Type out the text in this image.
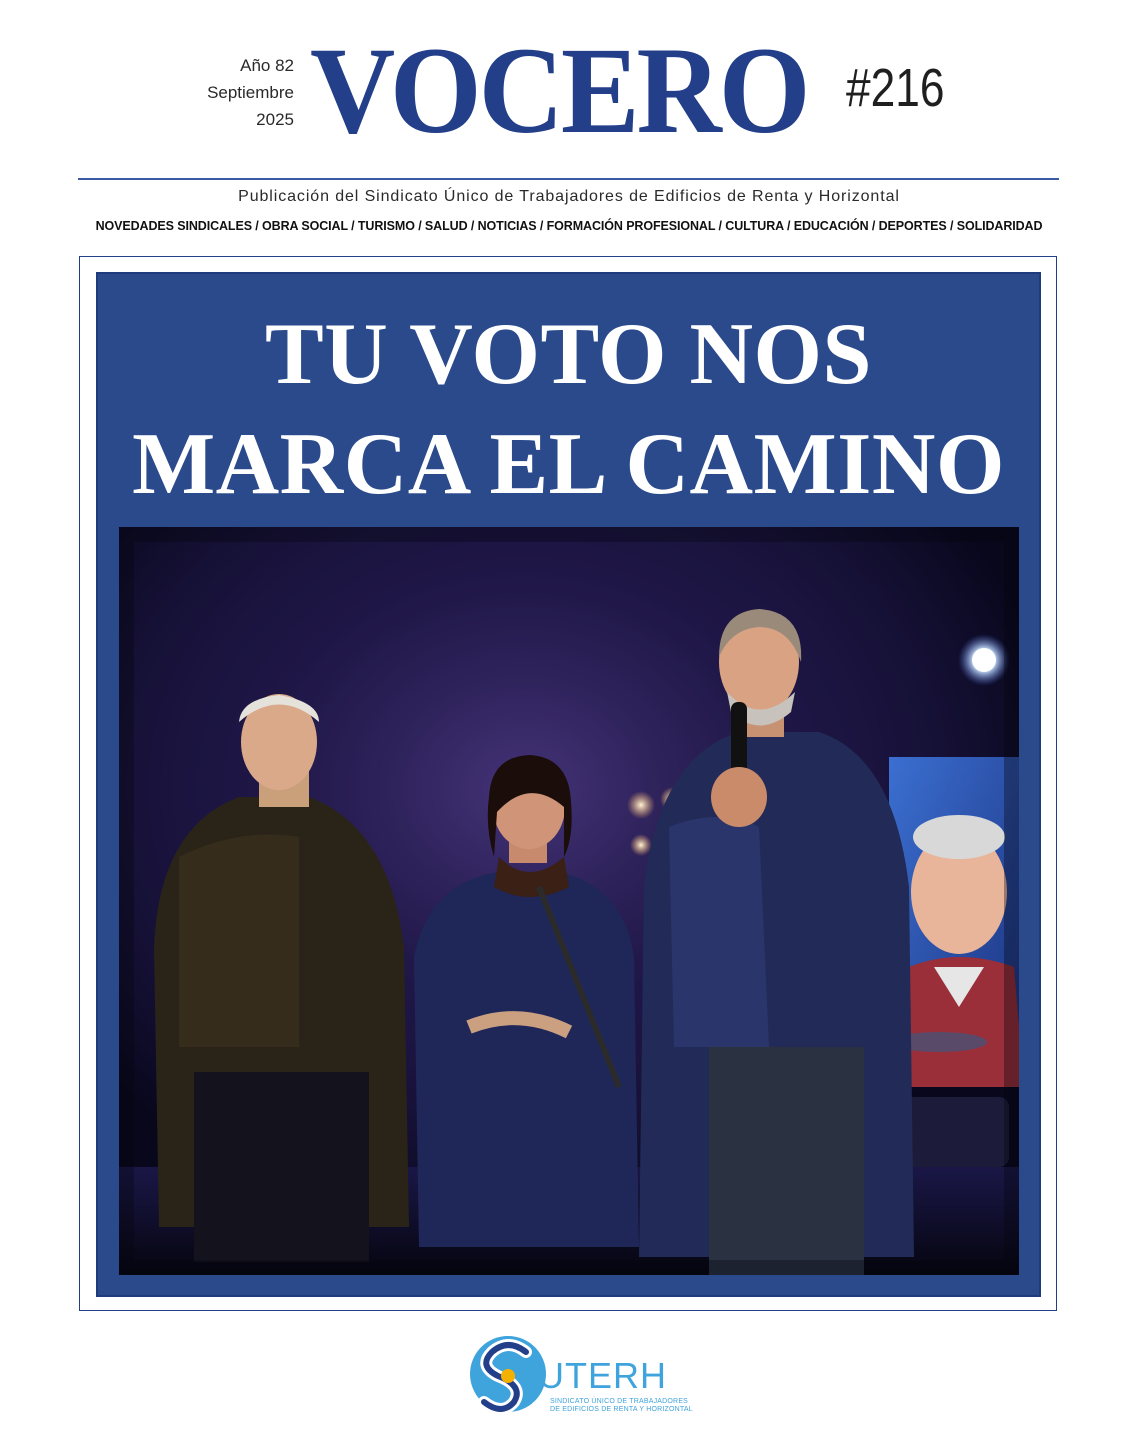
Año 82
Septiembre
2025 VOCERO #216
Publicación del Sindicato Único de Trabajadores de Edificios de Renta y Horizontal
NOVEDADES SINDICALES / OBRA SOCIAL / TURISMO / SALUD / NOTICIAS / FORMACIÓN PROFESIONAL / CULTURA / EDUCACIÓN / DEPORTES / SOLIDARIDAD
TU VOTO NOS
MARCA EL CAMINO
UTERH
SINDICATO ÚNICO DE TRABAJADORES
DE EDIFICIOS DE RENTA Y HORIZONTAL
